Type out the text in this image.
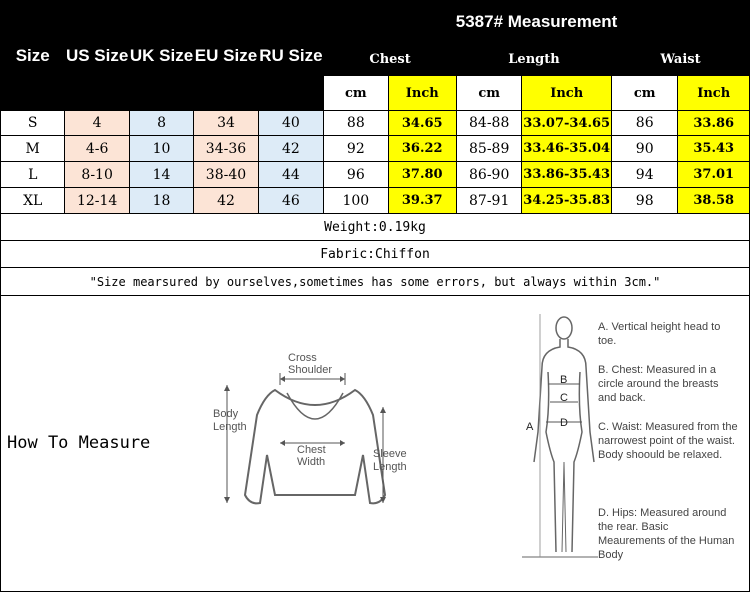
Size	US Size	UK Size	EU Size	RU Size	5387# Measurement					
					Chest		Length		Waist	
					cm	Inch	cm	Inch	cm	Inch
S	4	8	34	40	88	34.65	84-88	33.07-34.65	86	33.86
M	4-6	10	34-36	42	92	36.22	85-89	33.46-35.04	90	35.43
L	8-10	14	38-40	44	96	37.80	86-90	33.86-35.43	94	37.01
XL	12-14	18	42	46	100	39.37	87-91	34.25-35.83	98	38.58
Weight:0.19kg										
Fabric:Chiffon										
"Size mearsured by ourselves,sometimes has some errors, but always within 3cm."										
How To Measure
Cross
Shoulder
Body
Length
Chest
Width
Sleeve
Length
A
B
C
D
A. Vertical height head to toe.
B. Chest: Measured in a circle around the breasts and back.
C. Waist: Measured from the narrowest point of the waist. Body shoould be relaxed.
D. Hips: Measured around the rear. Basic Meaurements of the Human Body
